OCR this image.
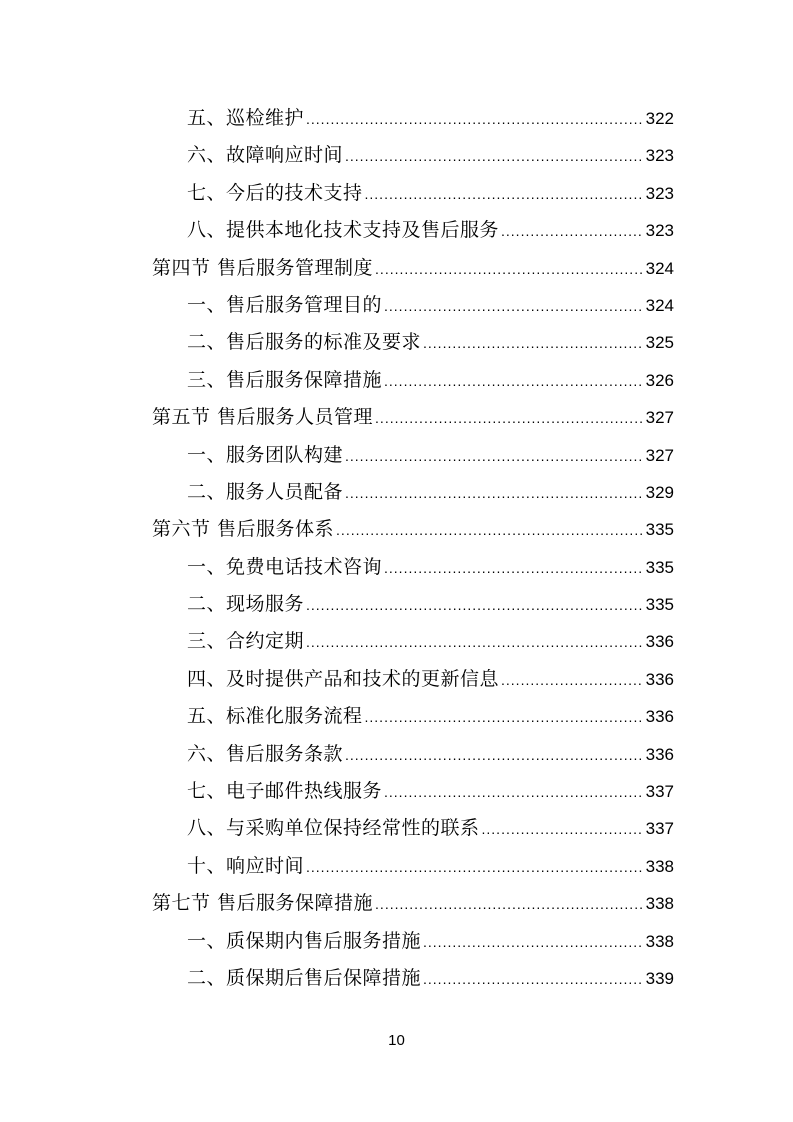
五、巡检维护 .....	322
六、故障响应时间 .....	323
七、今后的技术支持 .....	323
八、提供本地化技术支持及售后服务 .....	323
第四节 售后服务管理制度 .....	324
一、售后服务管理目的 .....	324
二、售后服务的标准及要求 .....	325
三、售后服务保障措施 .....	326
第五节 售后服务人员管理 .....	327
一、服务团队构建 .....	327
二、服务人员配备 .....	329
第六节 售后服务体系 .....	335
一、免费电话技术咨询 .....	335
二、现场服务 .....	335
三、合约定期 .....	336
四、及时提供产品和技术的更新信息 .....	336
五、标准化服务流程 .....	336
六、售后服务条款 .....	336
七、电子邮件热线服务 .....	337
八、与采购单位保持经常性的联系 .....	337
十、响应时间 .....	338
第七节 售后服务保障措施 .....	338
一、质保期内售后服务措施 .....	338
二、质保期后售后保障措施 .....	339
10
